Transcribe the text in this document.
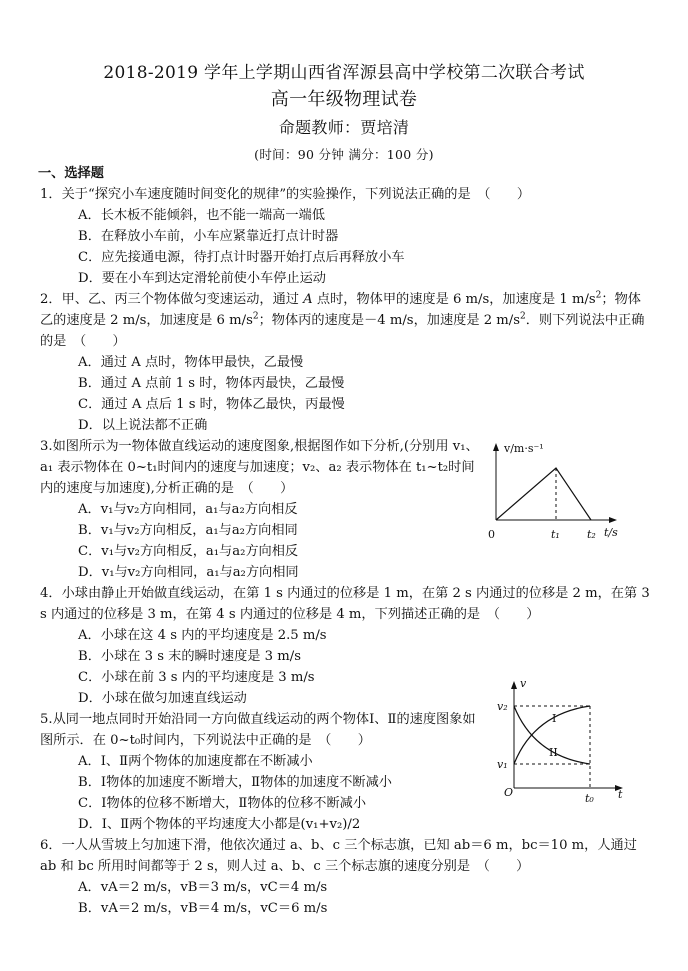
2018-2019 学年上学期山西省浑源县高中学校第二次联合考试
高一年级物理试卷
命题教师：贾培清
(时间：90 分钟 满分：100 分)
一、选择题

1．关于“探究小车速度随时间变化的规律”的实验操作，下列说法正确的是　（　　）

A．长木板不能倾斜，也不能一端高一端低

B．在释放小车前，小车应紧靠近打点计时器

C．应先接通电源，待打点计时器开始打点后再释放小车

D．要在小车到达定滑轮前使小车停止运动

2．甲、乙、丙三个物体做匀变速运动，通过 A 点时，物体甲的速度是 6 m/s，加速度是 1 $m/s^2$；物体乙的速度是 2 m/s，加速度是 6 $m/s^2$；物体丙的速度是－4 m/s，加速度是 2 $m/s^2$．则下列说法中正确的是　（　　）

A．通过 A 点时，物体甲最快，乙最慢

B．通过 A 点前 1 s 时，物体丙最快，乙最慢

C．通过 A 点后 1 s 时，物体乙最快，丙最慢

D．以上说法都不正确

3.如图所示为一物体做直线运动的速度图象,根据图作如下分析,(分别用 v₁、a₁ 表示物体在 0~t₁时间内的速度与加速度；v₂、a₂ 表示物体在 t₁~t₂时间内的速度与加速度),分析正确的是　（　　）

A．v₁与v₂方向相同，a₁与a₂方向相反

B．v₁与v₂方向相反，a₁与a₂方向相同

C．v₁与v₂方向相反，a₁与a₂方向相反

D．v₁与v₂方向相同，a₁与a₂方向相同

4．小球由静止开始做直线运动，在第 1 s 内通过的位移是 1 m，在第 2 s 内通过的位移是 2 m，在第 3 s 内通过的位移是 3 m，在第 4 s 内通过的位移是 4 m，下列描述正确的是　（　　）

A．小球在这 4 s 内的平均速度是 2.5 m/s

B．小球在 3 s 末的瞬时速度是 3 m/s

C．小球在前 3 s 内的平均速度是 3 m/s

D．小球在做匀加速直线运动

5.从同一地点同时开始沿同一方向做直线运动的两个物体Ⅰ、Ⅱ的速度图象如图所示．在 0~t₀时间内，下列说法中正确的是　（　　）

A．Ⅰ、Ⅱ两个物体的加速度都在不断减小

B．Ⅰ物体的加速度不断增大，Ⅱ物体的加速度不断减小

C．Ⅰ物体的位移不断增大，Ⅱ物体的位移不断减小

D．Ⅰ、Ⅱ两个物体的平均速度大小都是(v₁+v₂)/2

6．一人从雪坡上匀加速下滑，他依次通过 a、b、c 三个标志旗，已知 ab＝6 m，bc＝10 m，人通过 ab 和 bc 所用时间都等于 2 s，则人过 a、b、c 三个标志旗的速度分别是　（　　）

A．vA＝2 m/s，vB＝3 m/s，vC＝4 m/s

B．vA＝2 m/s，vB＝4 m/s，vC＝6 m/s

v/m·s⁻¹
0	t₁ t₂ t/s
v
v₂
v₁
I
II
O	t₀ t
